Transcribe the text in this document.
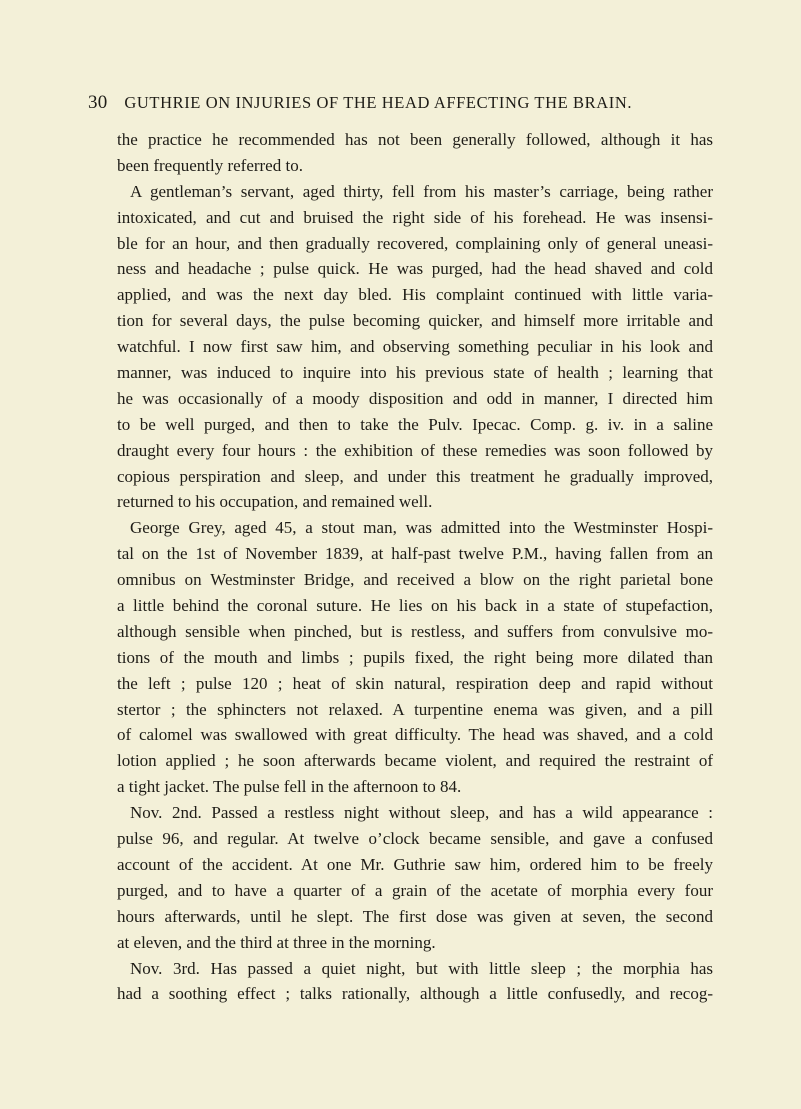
30 GUTHRIE ON INJURIES OF THE HEAD AFFECTING THE BRAIN.
the practice he recommended has not been generally followed, although it has
been frequently referred to.
A gentleman’s servant, aged thirty, fell from his master’s carriage, being rather
intoxicated, and cut and bruised the right side of his forehead. He was insensi-
ble for an hour, and then gradually recovered, complaining only of general uneasi-
ness and headache ; pulse quick. He was purged, had the head shaved and cold
applied, and was the next day bled. His complaint continued with little varia-
tion for several days, the pulse becoming quicker, and himself more irritable and
watchful. I now first saw him, and observing something peculiar in his look and
manner, was induced to inquire into his previous state of health ; learning that
he was occasionally of a moody disposition and odd in manner, I directed him
to be well purged, and then to take the Pulv. Ipecac. Comp. g. iv. in a saline
draught every four hours : the exhibition of these remedies was soon followed by
copious perspiration and sleep, and under this treatment he gradually improved,
returned to his occupation, and remained well.
George Grey, aged 45, a stout man, was admitted into the Westminster Hospi-
tal on the 1st of November 1839, at half-past twelve P.M., having fallen from an
omnibus on Westminster Bridge, and received a blow on the right parietal bone
a little behind the coronal suture. He lies on his back in a state of stupefaction,
although sensible when pinched, but is restless, and suffers from convulsive mo-
tions of the mouth and limbs ; pupils fixed, the right being more dilated than
the left ; pulse 120 ; heat of skin natural, respiration deep and rapid without
stertor ; the sphincters not relaxed. A turpentine enema was given, and a pill
of calomel was swallowed with great difficulty. The head was shaved, and a cold
lotion applied ; he soon afterwards became violent, and required the restraint of
a tight jacket. The pulse fell in the afternoon to 84.
Nov. 2nd. Passed a restless night without sleep, and has a wild appearance :
pulse 96, and regular. At twelve o’clock became sensible, and gave a confused
account of the accident. At one Mr. Guthrie saw him, ordered him to be freely
purged, and to have a quarter of a grain of the acetate of morphia every four
hours afterwards, until he slept. The first dose was given at seven, the second
at eleven, and the third at three in the morning.
Nov. 3rd. Has passed a quiet night, but with little sleep ; the morphia has
had a soothing effect ; talks rationally, although a little confusedly, and recog-
